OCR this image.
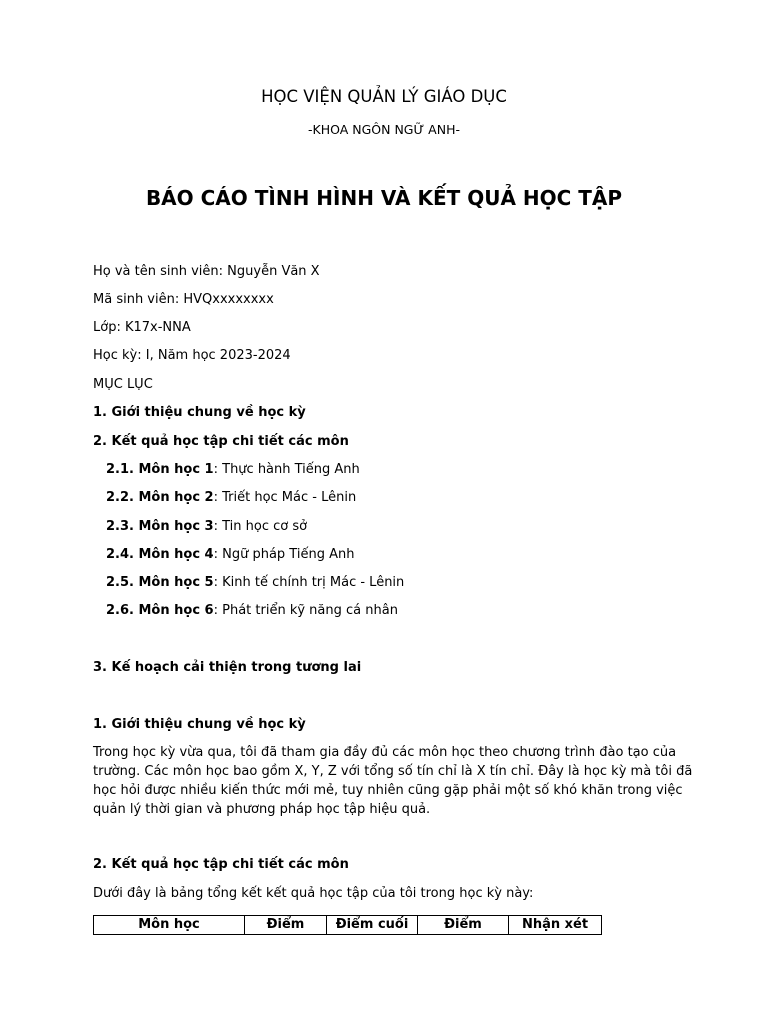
HỌC VIỆN QUẢN LÝ GIÁO DỤC
-KHOA NGÔN NGỮ ANH-
BÁO CÁO TÌNH HÌNH VÀ KẾT QUẢ HỌC TẬP
Họ và tên sinh viên: Nguyễn Văn X
Mã sinh viên: HVQxxxxxxxx
Lớp: K17x-NNA
Học kỳ: I, Năm học 2023-2024
MỤC LỤC
1. Giới thiệu chung về học kỳ
2. Kết quả học tập chi tiết các môn
2.1. Môn học 1: Thực hành Tiếng Anh
2.2. Môn học 2: Triết học Mác - Lênin
2.3. Môn học 3: Tin học cơ sở
2.4. Môn học 4: Ngữ pháp Tiếng Anh
2.5. Môn học 5: Kinh tế chính trị Mác - Lênin
2.6. Môn học 6: Phát triển kỹ năng cá nhân
3. Kế hoạch cải thiện trong tương lai
1. Giới thiệu chung về học kỳ
Trong học kỳ vừa qua, tôi đã tham gia đầy đủ các môn học theo chương trình đào tạo của trường. Các môn học bao gồm X, Y, Z với tổng số tín chỉ là X tín chỉ. Đây là học kỳ mà tôi đã học hỏi được nhiều kiến thức mới mẻ, tuy nhiên cũng gặp phải một số khó khăn trong việc quản lý thời gian và phương pháp học tập hiệu quả.
2. Kết quả học tập chi tiết các môn
Dưới đây là bảng tổng kết kết quả học tập của tôi trong học kỳ này:
Môn học	Điểm	Điểm cuối	Điểm	Nhận xét
